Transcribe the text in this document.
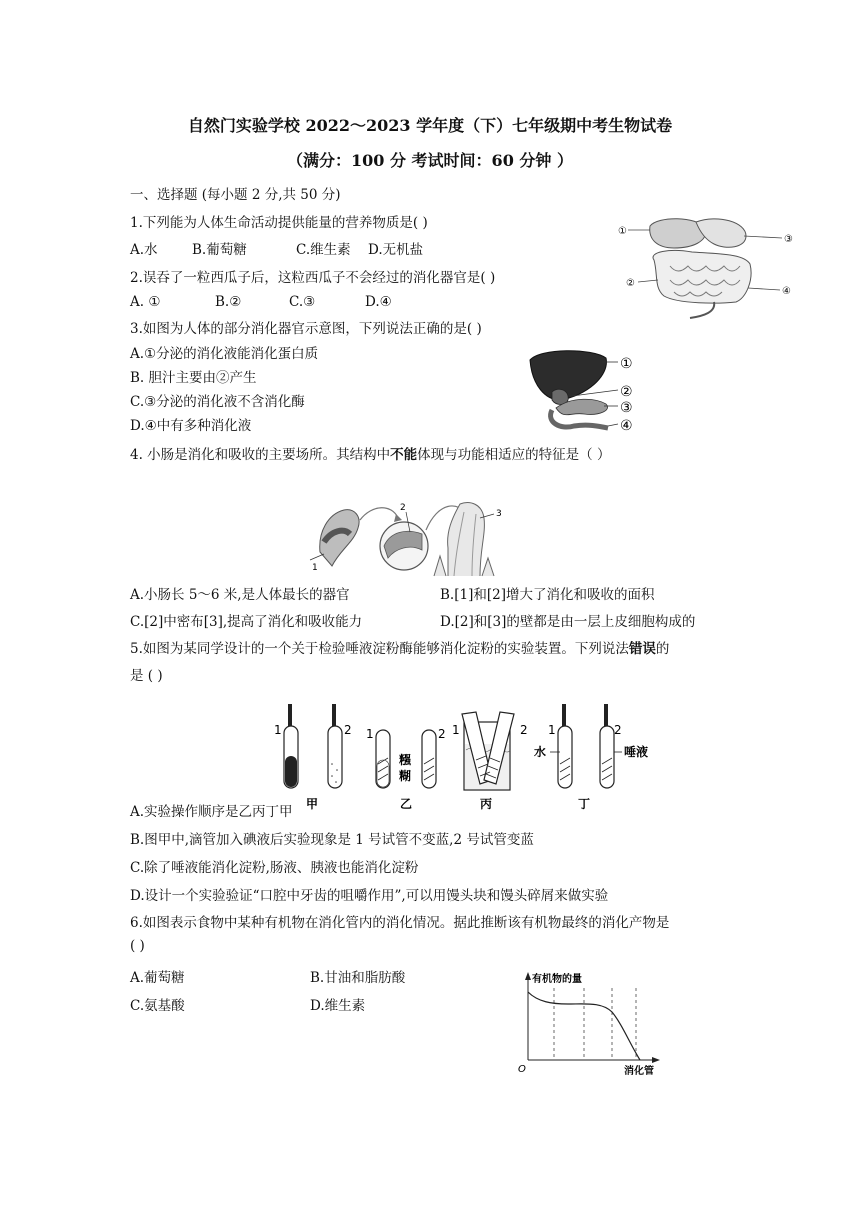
自然门实验学校 2022～2023 学年度（下）七年级期中考生物试卷
（满分：100 分 考试时间：60 分钟 ）
一、选择题 (每小题 2 分,共 50 分)
1.下列能为人体生命活动提供能量的营养物质是( )
A.水	B.葡萄糖	C.维生素 D.无机盐
2.误吞了一粒西瓜子后，这粒西瓜子不会经过的消化器官是( )
A. ①	B.②	C.③	D.④
①
③
②
④
3.如图为人体的部分消化器官示意图，下列说法正确的是( )
A.①分泌的消化液能消化蛋白质
B. 胆汁主要由②产生
C.③分泌的消化液不含消化酶
D.④中有多种消化液
①
②
③
④
4. 小肠是消化和吸收的主要场所。其结构中不能体现与功能相适应的特征是（ ）
1
2
3
A.小肠长 5～6 米,是人体最长的器官	B.[1]和[2]增大了消化和吸收的面积
C.[2]中密布[3],提高了消化和吸收能力	D.[2]和[3]的壁都是由一层上皮细胞构成的
5.如图为某同学设计的一个关于检验唾液淀粉酶能够消化淀粉的实验装置。下列说法错误的
是 ( )
1	2
甲
1	2
糨
糊
乙
1	2
丙
1	2
水	唾液
丁
A.实验操作顺序是乙丙丁甲
B.图甲中,滴管加入碘液后实验现象是 1 号试管不变蓝,2 号试管变蓝
C.除了唾液能消化淀粉,肠液、胰液也能消化淀粉
D.设计一个实验验证“口腔中牙齿的咀嚼作用”,可以用馒头块和馒头碎屑来做实验
6.如图表示食物中某种有机物在消化管内的消化情况。据此推断该有机物最终的消化产物是
( )
A.葡萄糖	B.甘油和脂肪酸
C.氨基酸	D.维生素
有机物的量
消化管
O
